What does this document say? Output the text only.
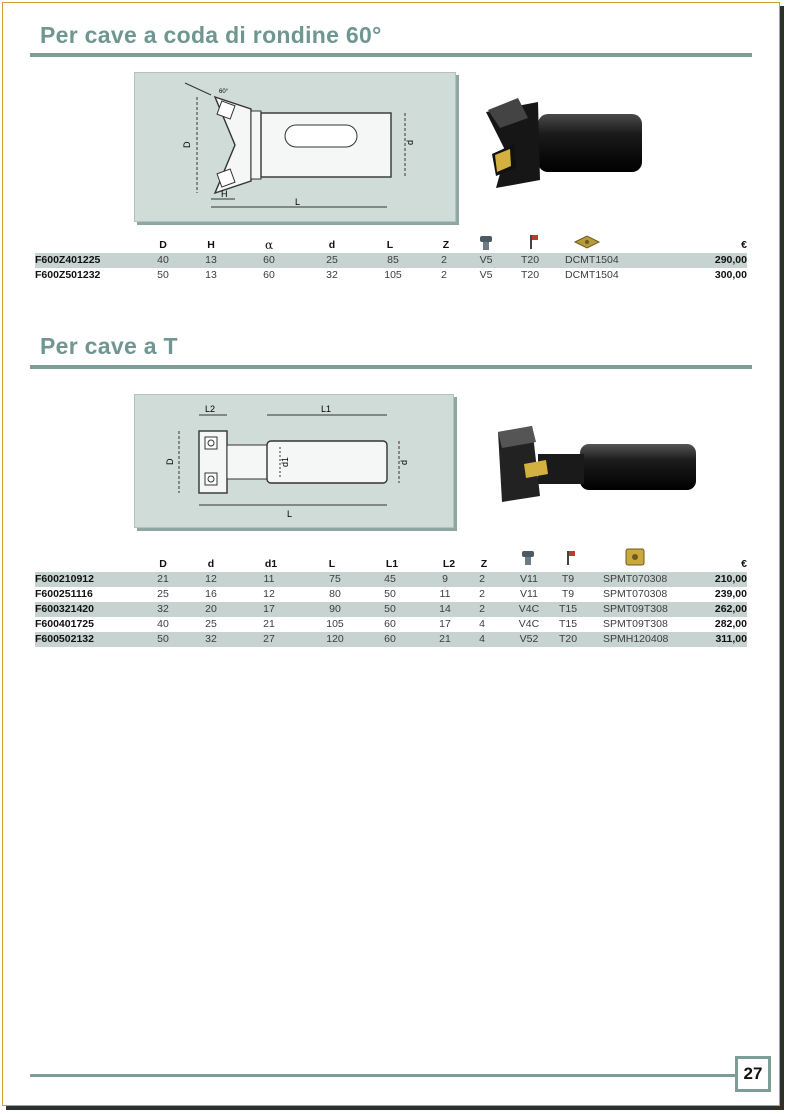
Per cave a coda di rondine 60°
D
H
60°
d
L
D	H	α	d	L	Z	€
F600Z401225	40	13	60	25	85	2	V5	T20 DCMT1504	290,00
F600Z501232	50	13	60	32	105	2	V5	T20 DCMT1504	300,00
Per cave a T
L2	L1
D	d1	d
L
D	d	d1	L	L1	L2 Z	€
F600210912	21	12	11	75	45	9	2	V11 T9	SPMT070308	210,00
F600251116	25	16	12	80	50	11	2	V11 T9	SPMT070308	239,00
F600321420	32	20	17	90	50	14	2	V4C T15 SPMT09T308	262,00
F600401725	40	25	21	105	60	17	4	V4C T15 SPMT09T308	282,00
F600502132	50	32	27	120	60	21	4	V52 T20 SPMH120408	311,00
27
